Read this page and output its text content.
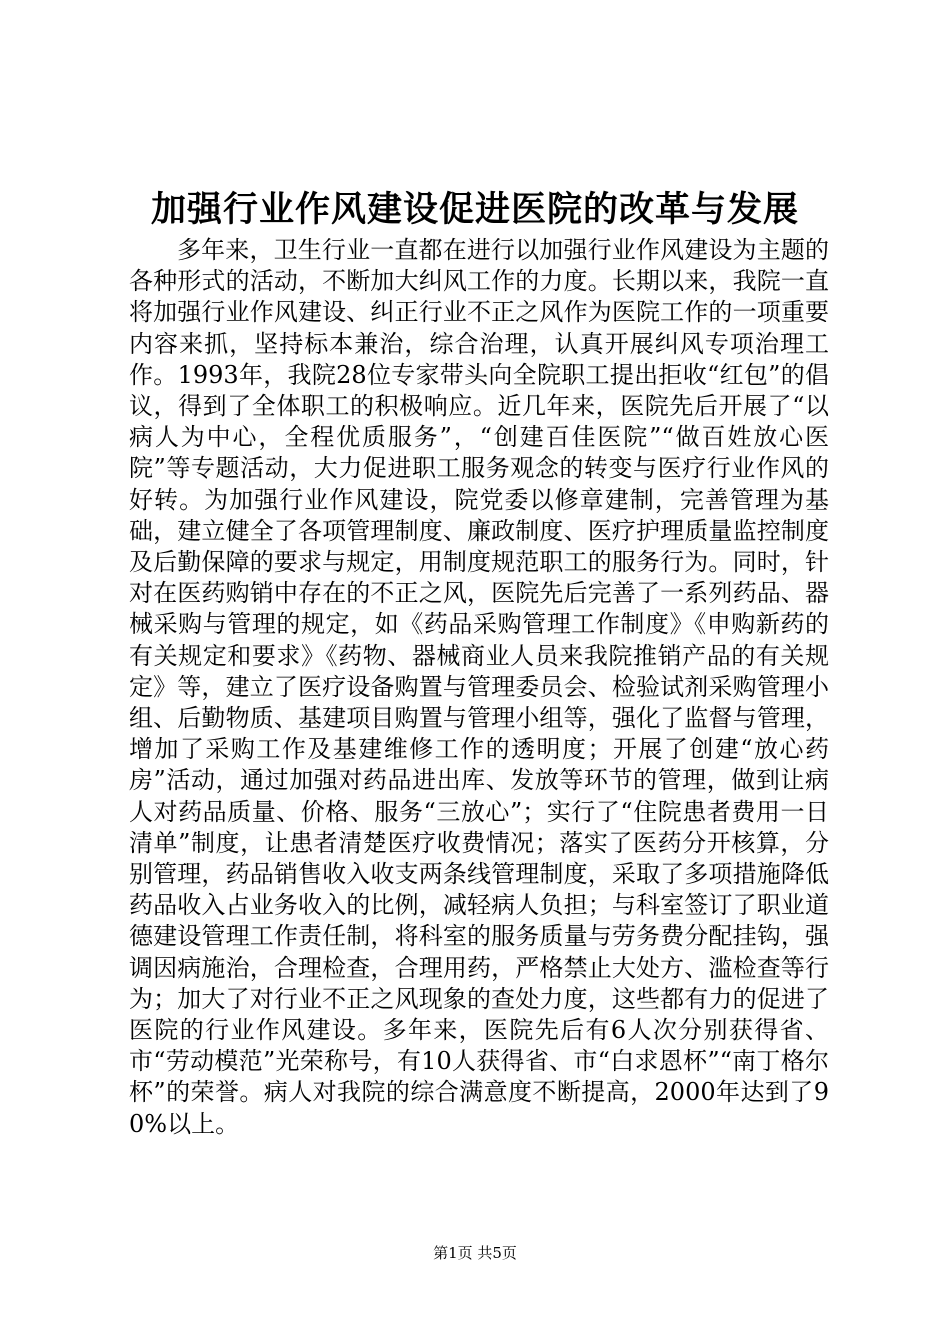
加强行业作风建设促进医院的改革与发展

多年来，卫生行业一直都在进行以加强行业作风建设为主题的各种形式的活动，不断加大纠风工作的力度。长期以来，我院一直将加强行业作风建设、纠正行业不正之风作为医院工作的一项重要内容来抓，坚持标本兼治，综合治理，认真开展纠风专项治理工作。1993年，我院28位专家带头向全院职工提出拒收“红包”的倡议，得到了全体职工的积极响应。近几年来，医院先后开展了“以病人为中心，全程优质服务”，“创建百佳医院”“做百姓放心医院”等专题活动，大力促进职工服务观念的转变与医疗行业作风的好转。为加强行业作风建设，院党委以修章建制，完善管理为基础，建立健全了各项管理制度、廉政制度、医疗护理质量监控制度及后勤保障的要求与规定，用制度规范职工的服务行为。同时，针对在医药购销中存在的不正之风，医院先后完善了一系列药品、器械采购与管理的规定，如《药品采购管理工作制度》《申购新药的有关规定和要求》《药物、器械商业人员来我院推销产品的有关规定》等，建立了医疗设备购置与管理委员会、检验试剂采购管理小组、后勤物质、基建项目购置与管理小组等，强化了监督与管理，增加了采购工作及基建维修工作的透明度；开展了创建“放心药房”活动，通过加强对药品进出库、发放等环节的管理，做到让病人对药品质量、价格、服务“三放心”；实行了“住院患者费用一日清单”制度，让患者清楚医疗收费情况；落实了医药分开核算，分别管理，药品销售收入收支两条线管理制度，采取了多项措施降低药品收入占业务收入的比例，减轻病人负担；与科室签订了职业道德建设管理工作责任制，将科室的服务质量与劳务费分配挂钩，强调因病施治，合理检查，合理用药，严格禁止大处方、滥检查等行为；加大了对行业不正之风现象的查处力度，这些都有力的促进了医院的行业作风建设。多年来，医院先后有6人次分别获得省、市“劳动模范”光荣称号，有10人获得省、市“白求恩杯”“南丁格尔杯”的荣誉。病人对我院的综合满意度不断提高，2000年达到了90%以上。

第1页 共5页
